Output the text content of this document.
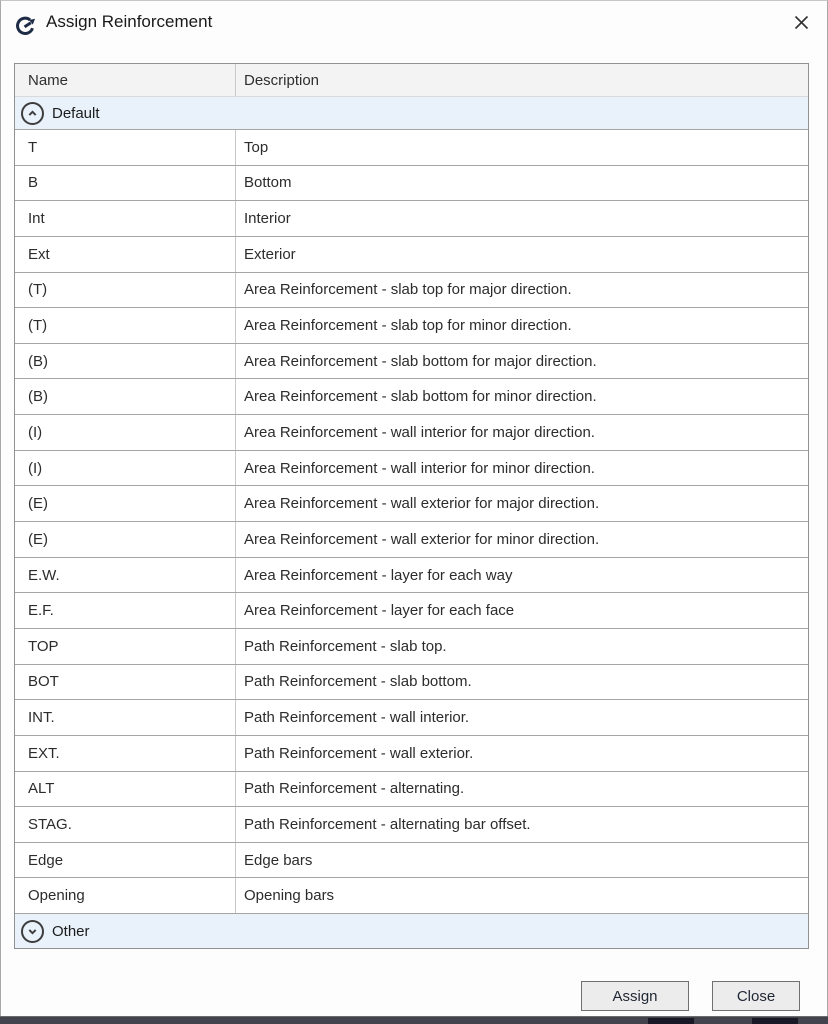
Assign Reinforcement
Name	Description
Default
T	Top
B	Bottom
Int	Interior
Ext	Exterior
(T)	Area Reinforcement - slab top for major direction.
(T)	Area Reinforcement - slab top for minor direction.
(B)	Area Reinforcement - slab bottom for major direction.
(B)	Area Reinforcement - slab bottom for minor direction.
(I)	Area Reinforcement - wall interior for major direction.
(I)	Area Reinforcement - wall interior for minor direction.
(E)	Area Reinforcement - wall exterior for major direction.
(E)	Area Reinforcement - wall exterior for minor direction.
E.W.	Area Reinforcement - layer for each way
E.F.	Area Reinforcement - layer for each face
TOP	Path Reinforcement - slab top.
BOT	Path Reinforcement - slab bottom.
INT.	Path Reinforcement - wall interior.
EXT.	Path Reinforcement - wall exterior.
ALT	Path Reinforcement - alternating.
STAG.	Path Reinforcement - alternating bar offset.
Edge	Edge bars
Opening	Opening bars
Other
Assign	Close
